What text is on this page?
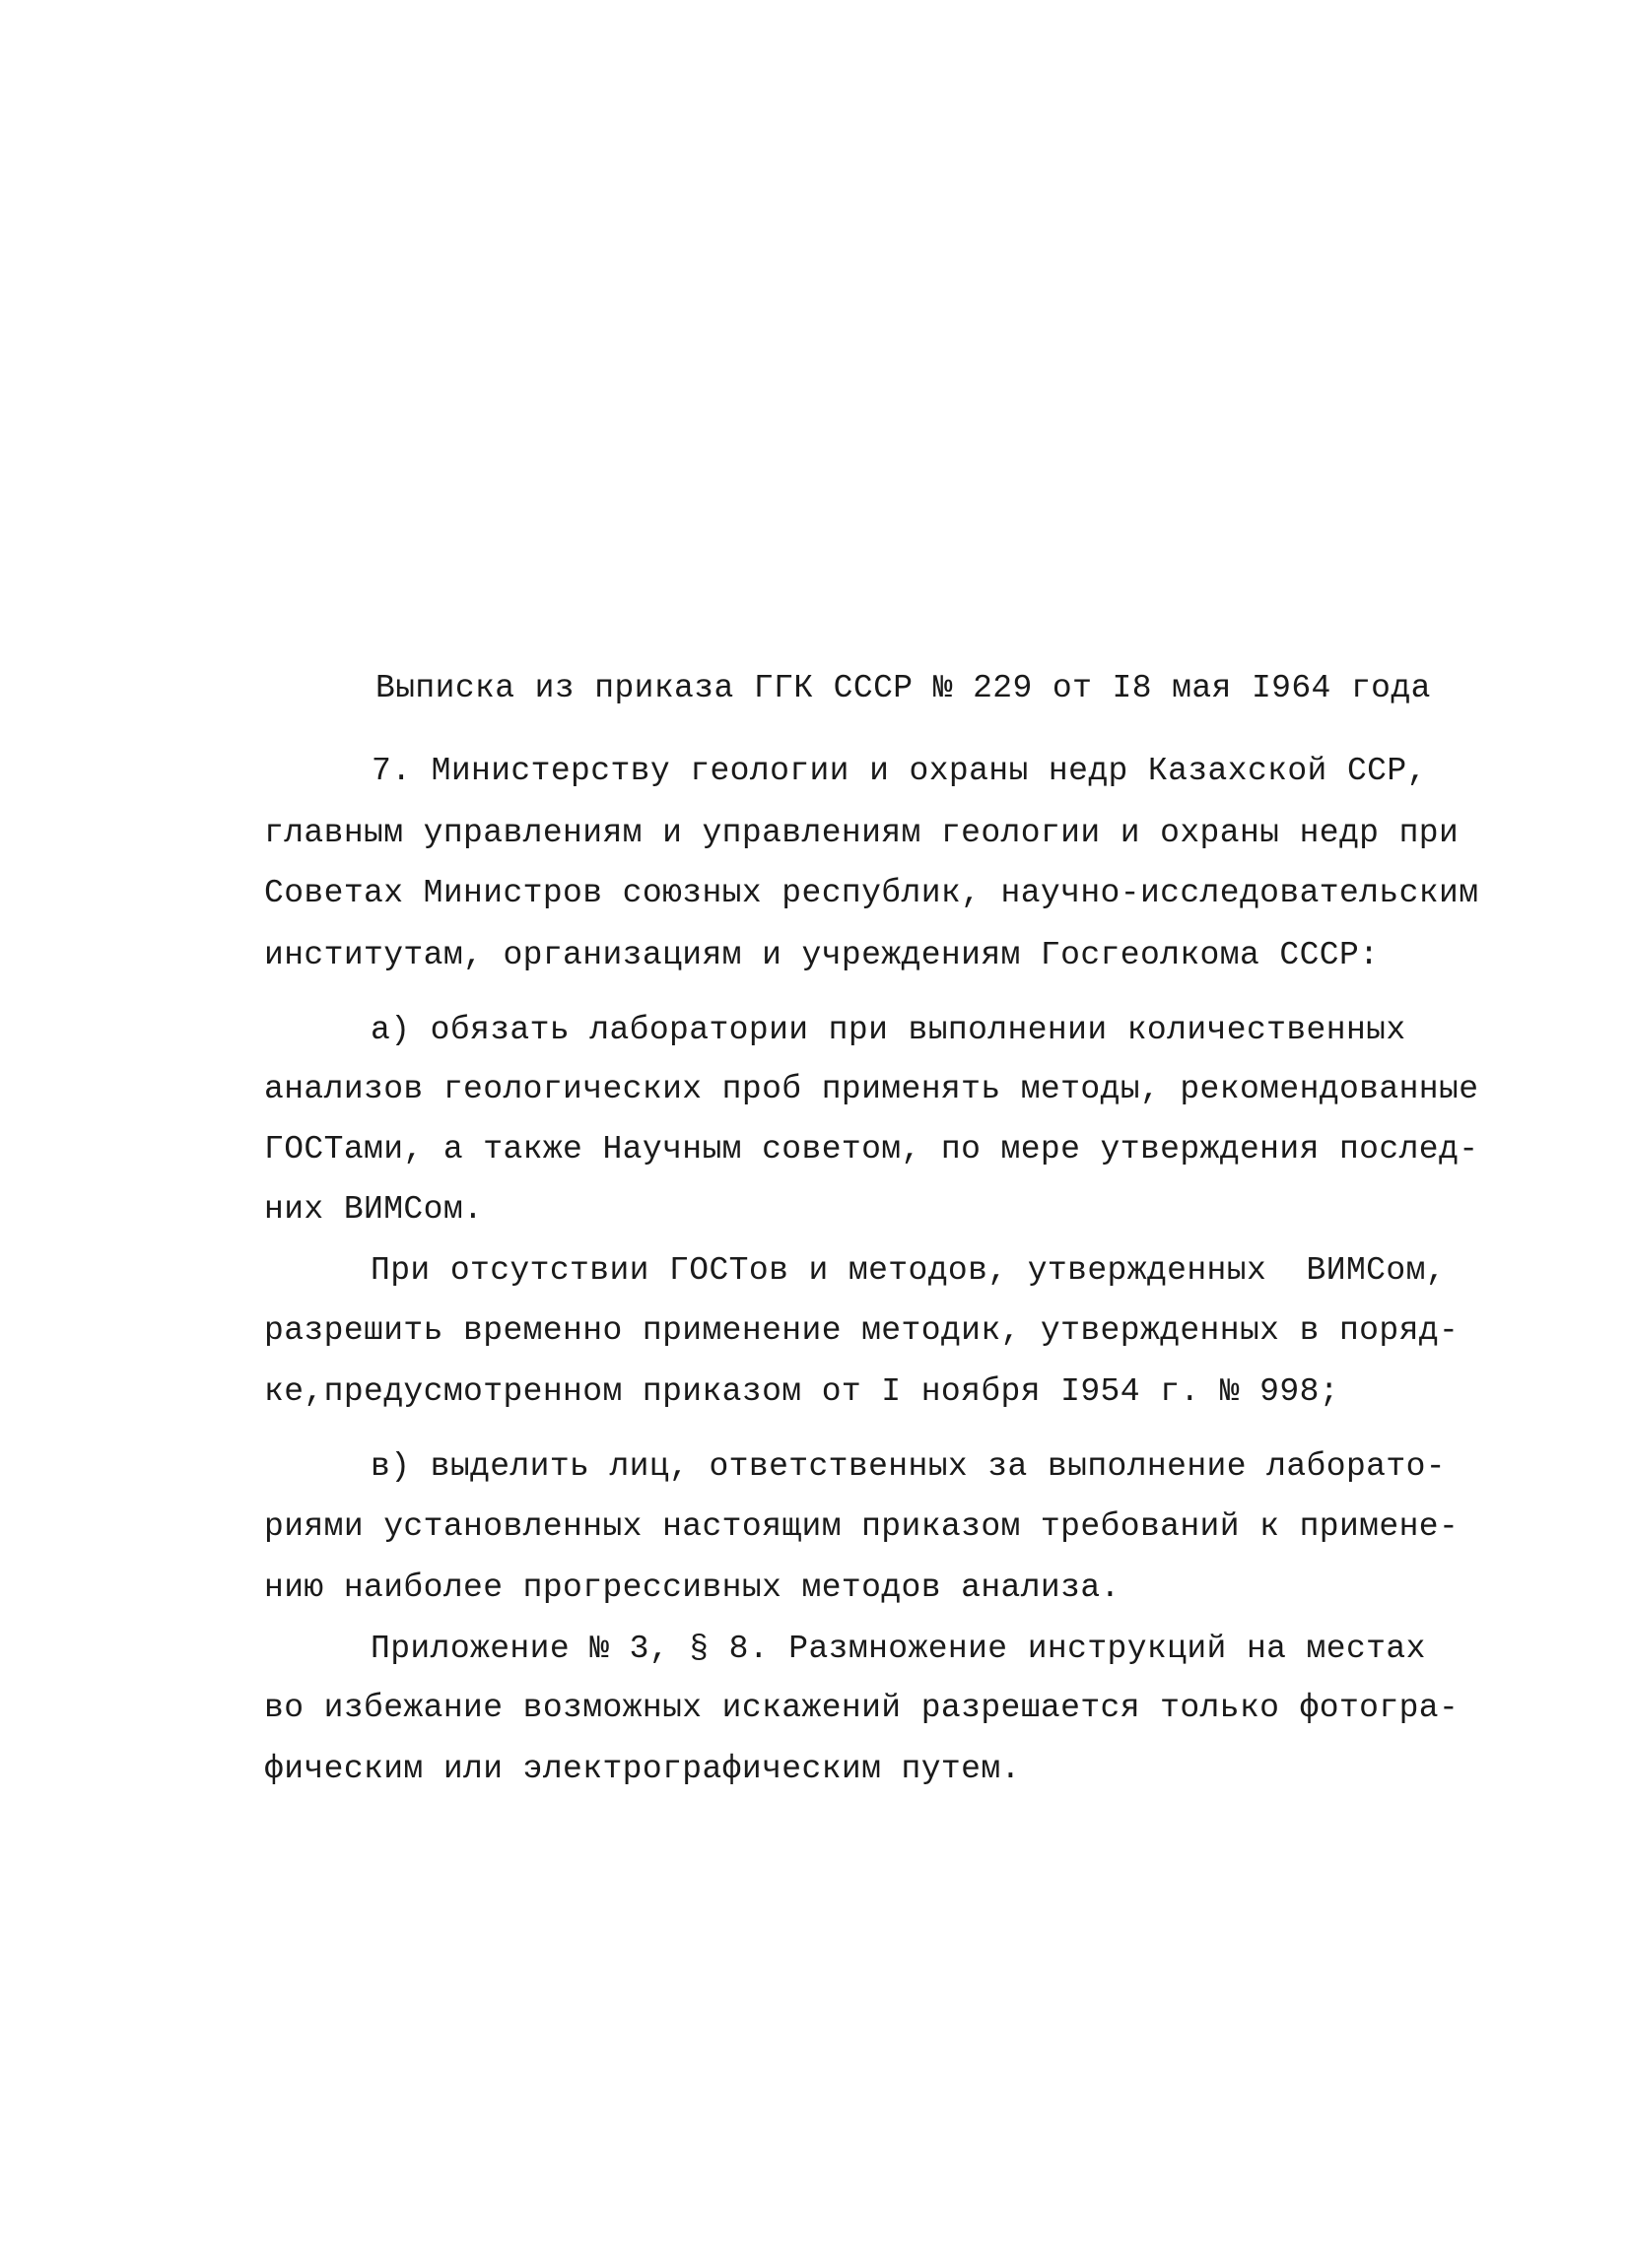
Выписка из приказа ГГК СССР № 229 от I8 мая I964 года
7. Министерству геологии и охраны недр Казахской ССР,
главным управлениям и управлениям геологии и охраны недр при
Советах Министров союзных республик, научно-исследовательским
институтам, организациям и учреждениям Госгеолкома СССР:
а) обязать лаборатории при выполнении количественных
анализов геологических проб применять методы, рекомендованные
ГОСТами, а также Научным советом, по мере утверждения послед-
них ВИМСом.
При отсутствии ГОСТов и методов, утвержденных  ВИМСом,
разрешить временно применение методик, утвержденных в поряд-
ке,предусмотренном приказом от I ноября I954 г. № 998;
в) выделить лиц, ответственных за выполнение лаборато-
риями установленных настоящим приказом требований к примене-
нию наиболее прогрессивных методов анализа.
Приложение № 3, § 8. Размножение инструкций на местах
во избежание возможных искажений разрешается только фотогра-
фическим или электрографическим путем.
